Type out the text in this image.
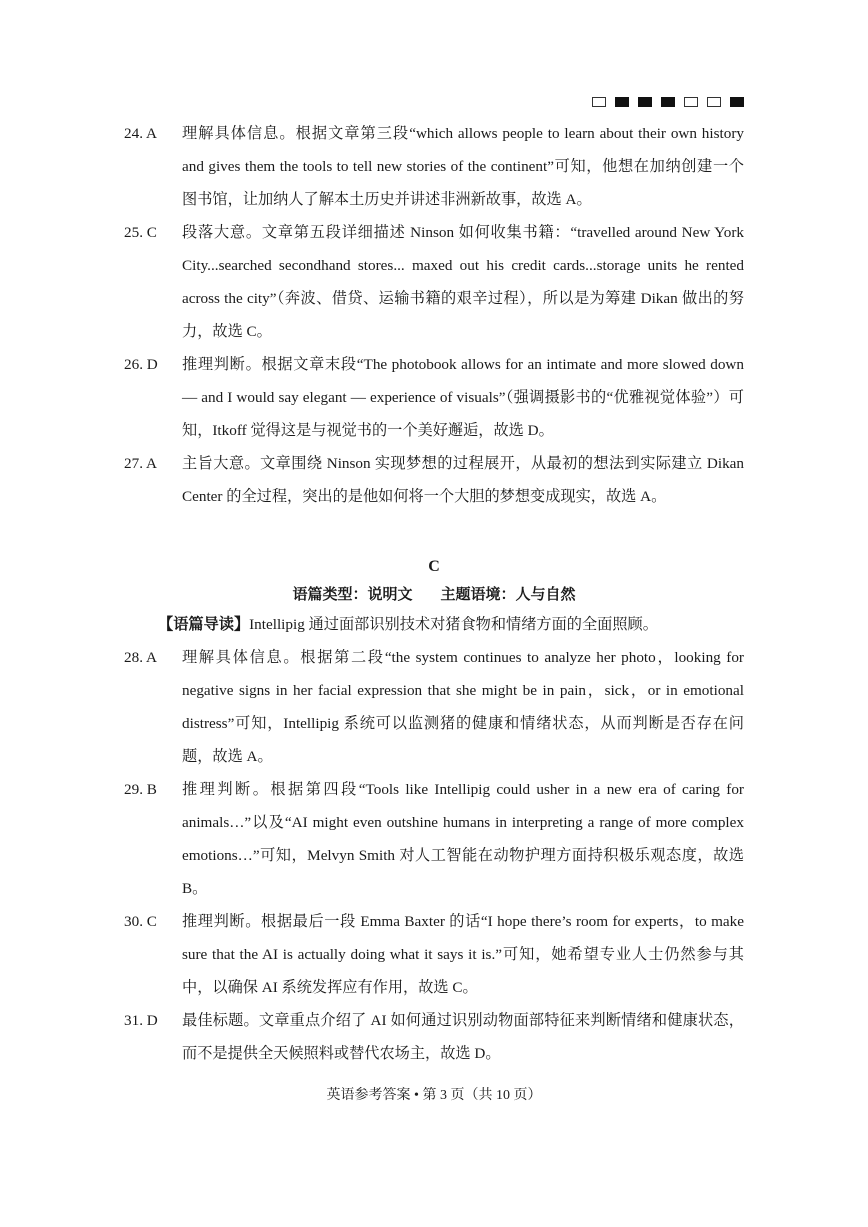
24. A	理解具体信息。根据文章第三段“which allows people to learn about their own history and gives them the tools to tell new stories of the continent”可知，他想在加纳创建一个图书馆，让加纳人了解本土历史并讲述非洲新故事，故选 A。
25. C	段落大意。文章第五段详细描述 Ninson 如何收集书籍：“travelled around New York City...searched secondhand stores... maxed out his credit cards...storage units he rented across the city”（奔波、借贷、运输书籍的艰辛过程），所以是为筹建 Dikan 做出的努力，故选 C。
26. D	推理判断。根据文章末段“The photobook allows for an intimate and more slowed down — and I would say elegant — experience of visuals”（强调摄影书的“优雅视觉体验”）可知，Itkoff 觉得这是与视觉书的一个美好邂逅，故选 D。
27. A	主旨大意。文章围绕 Ninson 实现梦想的过程展开，从最初的想法到实际建立 Dikan Center 的全过程，突出的是他如何将一个大胆的梦想变成现实，故选 A。
C
语篇类型：说明文 主题语境：人与自然
【语篇导读】Intellipig 通过面部识别技术对猪食物和情绪方面的全面照顾。
28. A	理解具体信息。根据第二段“the system continues to analyze her photo，looking for negative signs in her facial expression that she might be in pain，sick，or in emotional distress”可知，Intellipig 系统可以监测猪的健康和情绪状态，从而判断是否存在问题，故选 A。
29. B	推理判断。根据第四段“Tools like Intellipig could usher in a new era of caring for animals…”以及“AI might even outshine humans in interpreting a range of more complex emotions…”可知，Melvyn Smith 对人工智能在动物护理方面持积极乐观态度，故选 B。
30. C	推理判断。根据最后一段 Emma Baxter 的话“I hope there’s room for experts，to make sure that the AI is actually doing what it says it is.”可知，她希望专业人士仍然参与其中，以确保 AI 系统发挥应有作用，故选 C。
31. D	最佳标题。文章重点介绍了 AI 如何通过识别动物面部特征来判断情绪和健康状态，而不是提供全天候照料或替代农场主，故选 D。
英语参考答案 • 第 3 页（共 10 页）
